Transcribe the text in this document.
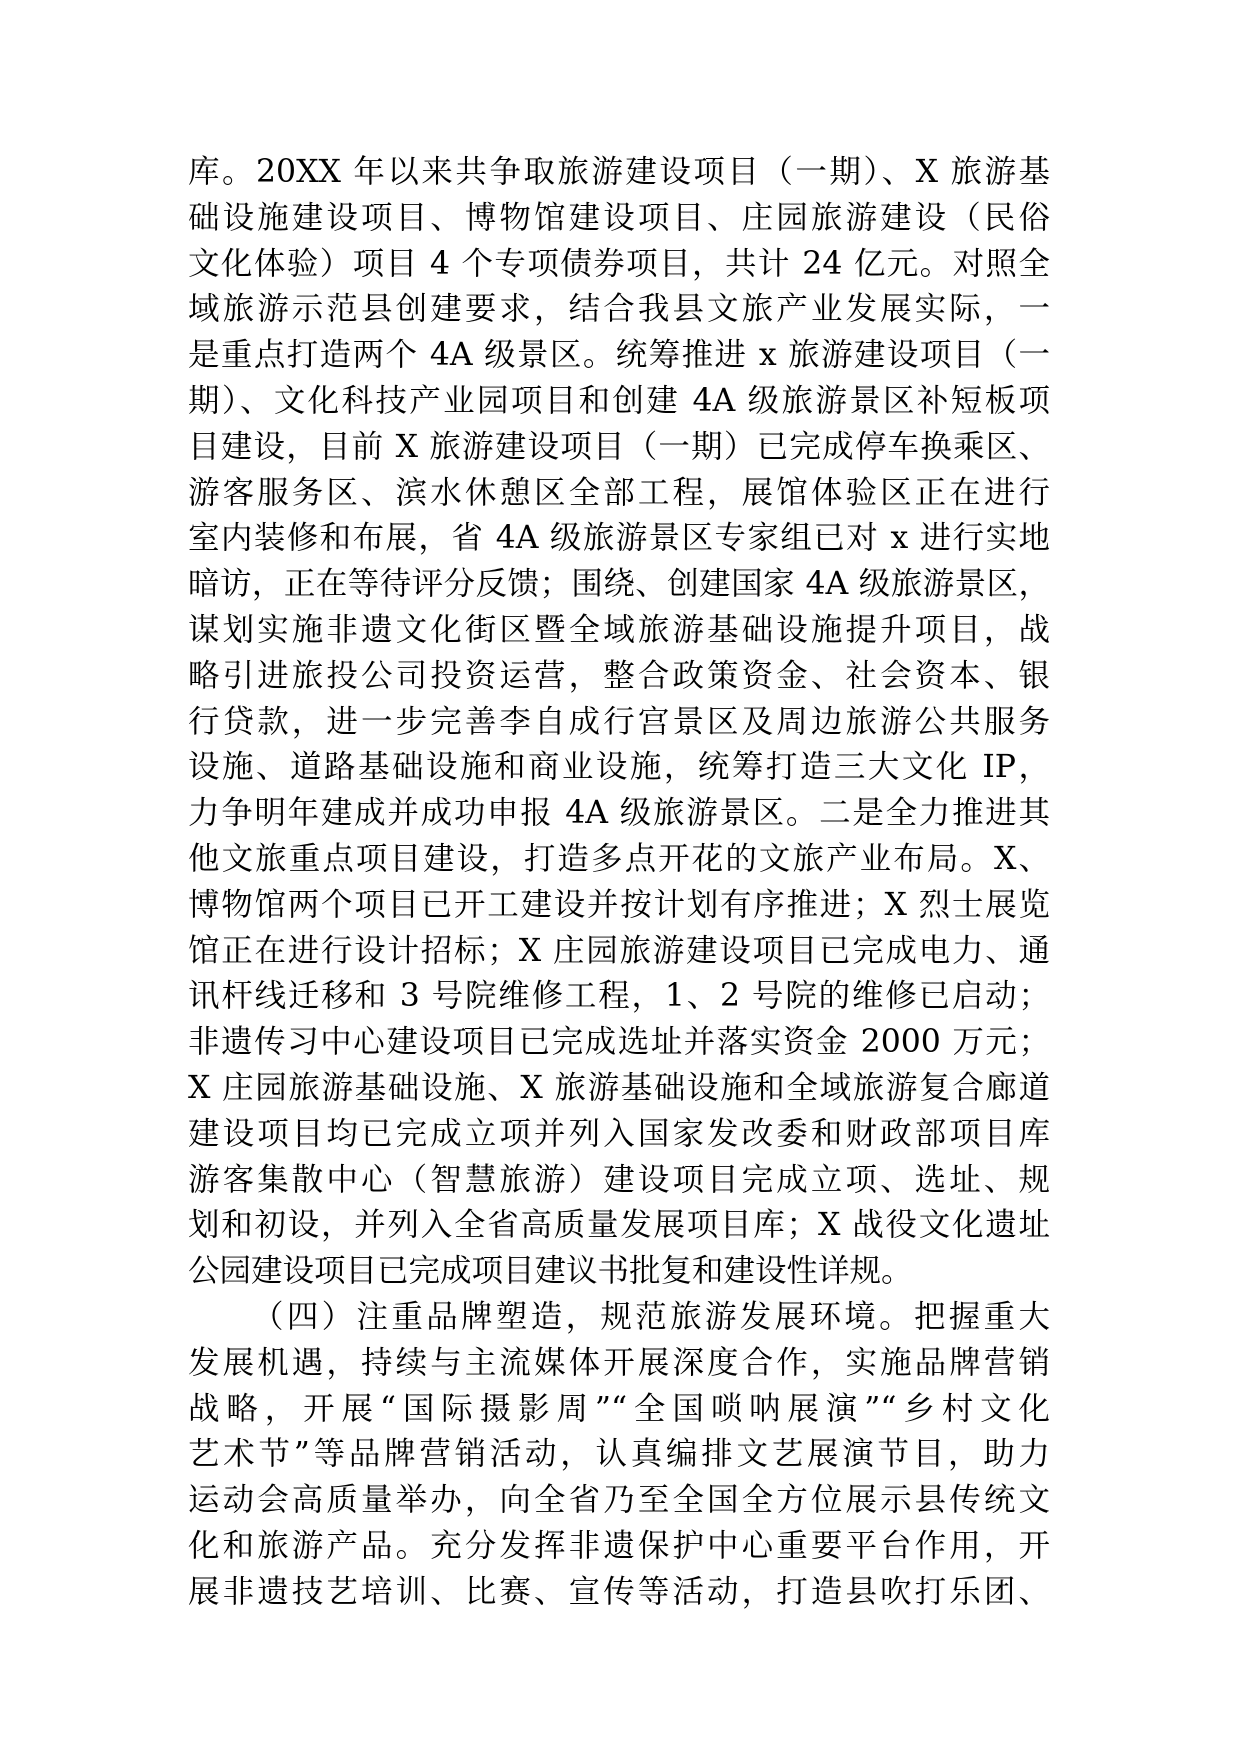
库。20XX 年以来共争取旅游建设项目（一期）、X 旅游基
础设施建设项目、博物馆建设项目、庄园旅游建设（民俗
文化体验）项目 4 个专项债券项目，共计 24 亿元。对照全
域旅游示范县创建要求，结合我县文旅产业发展实际，一
是重点打造两个 4A 级景区。统筹推进 x 旅游建设项目（一
期）、文化科技产业园项目和创建 4A 级旅游景区补短板项
目建设，目前 X 旅游建设项目（一期）已完成停车换乘区、
游客服务区、滨水休憩区全部工程，展馆体验区正在进行
室内装修和布展，省 4A 级旅游景区专家组已对 x 进行实地
暗访，正在等待评分反馈；围绕、创建国家 4A 级旅游景区，
谋划实施非遗文化街区暨全域旅游基础设施提升项目，战
略引进旅投公司投资运营，整合政策资金、社会资本、银
行贷款，进一步完善李自成行宫景区及周边旅游公共服务
设施、道路基础设施和商业设施，统筹打造三大文化 IP，
力争明年建成并成功申报 4A 级旅游景区。二是全力推进其
他文旅重点项目建设，打造多点开花的文旅产业布局。X、
博物馆两个项目已开工建设并按计划有序推进；X 烈士展览
馆正在进行设计招标；X 庄园旅游建设项目已完成电力、通
讯杆线迁移和 3 号院维修工程，1、2 号院的维修已启动；
非遗传习中心建设项目已完成选址并落实资金 2000 万元；
X 庄园旅游基础设施、X 旅游基础设施和全域旅游复合廊道
建设项目均已完成立项并列入国家发改委和财政部项目库
游客集散中心（智慧旅游）建设项目完成立项、选址、规
划和初设，并列入全省高质量发展项目库；X 战役文化遗址
公园建设项目已完成项目建议书批复和建设性详规。
（四）注重品牌塑造，规范旅游发展环境。把握重大
发展机遇，持续与主流媒体开展深度合作，实施品牌营销
战略，开展“国际摄影周”“全国唢呐展演”“乡村文化
艺术节”等品牌营销活动，认真编排文艺展演节目，助力
运动会高质量举办，向全省乃至全国全方位展示县传统文
化和旅游产品。充分发挥非遗保护中心重要平台作用，开
展非遗技艺培训、比赛、宣传等活动，打造县吹打乐团、
